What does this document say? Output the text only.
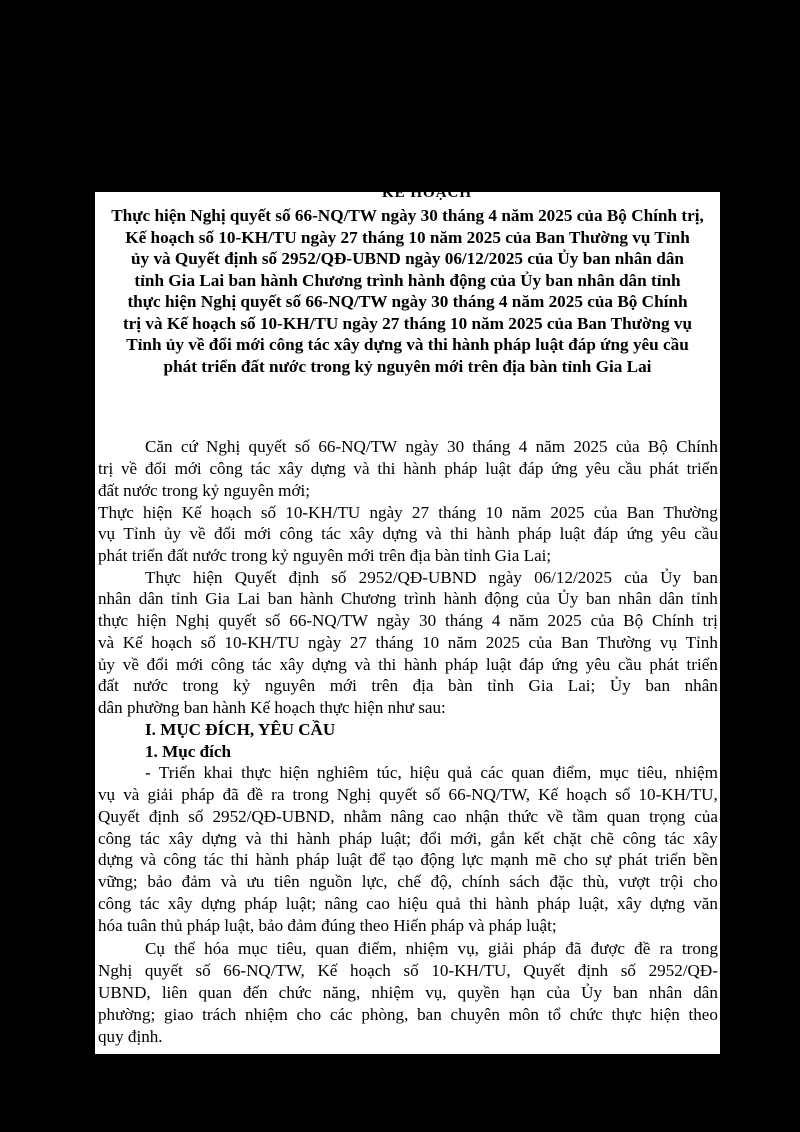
KẾ HOẠCH
Thực hiện Nghị quyết số 66-NQ/TW ngày 30 tháng 4 năm 2025 của Bộ Chính trị,
Kế hoạch số 10-KH/TU ngày 27 tháng 10 năm 2025 của Ban Thường vụ Tỉnh
ủy và Quyết định số 2952/QĐ-UBND ngày 06/12/2025 của Ủy ban nhân dân
tỉnh Gia Lai ban hành Chương trình hành động của Ủy ban nhân dân tỉnh
thực hiện Nghị quyết số 66-NQ/TW ngày 30 tháng 4 năm 2025 của Bộ Chính
trị và Kế hoạch số 10-KH/TU ngày 27 tháng 10 năm 2025 của Ban Thường vụ
Tỉnh ủy về đổi mới công tác xây dựng và thi hành pháp luật đáp ứng yêu cầu
phát triển đất nước trong kỷ nguyên mới trên địa bàn tỉnh Gia Lai
Căn cứ Nghị quyết số 66-NQ/TW ngày 30 tháng 4 năm 2025 của Bộ Chính
trị về đổi mới công tác xây dựng và thi hành pháp luật đáp ứng yêu cầu phát triển
đất nước trong kỷ nguyên mới;
Thực hiện Kế hoạch số 10-KH/TU ngày 27 tháng 10 năm 2025 của Ban Thường
vụ Tỉnh ủy về đổi mới công tác xây dựng và thi hành pháp luật đáp ứng yêu cầu
phát triển đất nước trong kỷ nguyên mới trên địa bàn tỉnh Gia Lai;
Thực hiện Quyết định số 2952/QĐ-UBND ngày 06/12/2025 của Ủy ban
nhân dân tỉnh Gia Lai ban hành Chương trình hành động của Ủy ban nhân dân tỉnh
thực hiện Nghị quyết số 66-NQ/TW ngày 30 tháng 4 năm 2025 của Bộ Chính trị
và Kế hoạch số 10-KH/TU ngày 27 tháng 10 năm 2025 của Ban Thường vụ Tỉnh
ủy về đổi mới công tác xây dựng và thi hành pháp luật đáp ứng yêu cầu phát triển
đất nước trong kỷ nguyên mới trên địa bàn tỉnh Gia Lai; Ủy ban nhân
dân phường ban hành Kế hoạch thực hiện như sau:
I. MỤC ĐÍCH, YÊU CẦU
1. Mục đích
- Triển khai thực hiện nghiêm túc, hiệu quả các quan điểm, mục tiêu, nhiệm
vụ và giải pháp đã đề ra trong Nghị quyết số 66-NQ/TW, Kế hoạch số 10-KH/TU,
Quyết định số 2952/QĐ-UBND, nhằm nâng cao nhận thức về tầm quan trọng của
công tác xây dựng và thi hành pháp luật; đổi mới, gắn kết chặt chẽ công tác xây
dựng và công tác thi hành pháp luật để tạo động lực mạnh mẽ cho sự phát triển bền
vững; bảo đảm và ưu tiên nguồn lực, chế độ, chính sách đặc thù, vượt trội cho
công tác xây dựng pháp luật; nâng cao hiệu quả thi hành pháp luật, xây dựng văn
hóa tuân thủ pháp luật, bảo đảm đúng theo Hiến pháp và pháp luật;
Cụ thể hóa mục tiêu, quan điểm, nhiệm vụ, giải pháp đã được đề ra trong
Nghị quyết số 66-NQ/TW, Kế hoạch số 10-KH/TU, Quyết định số 2952/QĐ-
UBND, liên quan đến chức năng, nhiệm vụ, quyền hạn của Ủy ban nhân dân
phường; giao trách nhiệm cho các phòng, ban chuyên môn tổ chức thực hiện theo
quy định.
